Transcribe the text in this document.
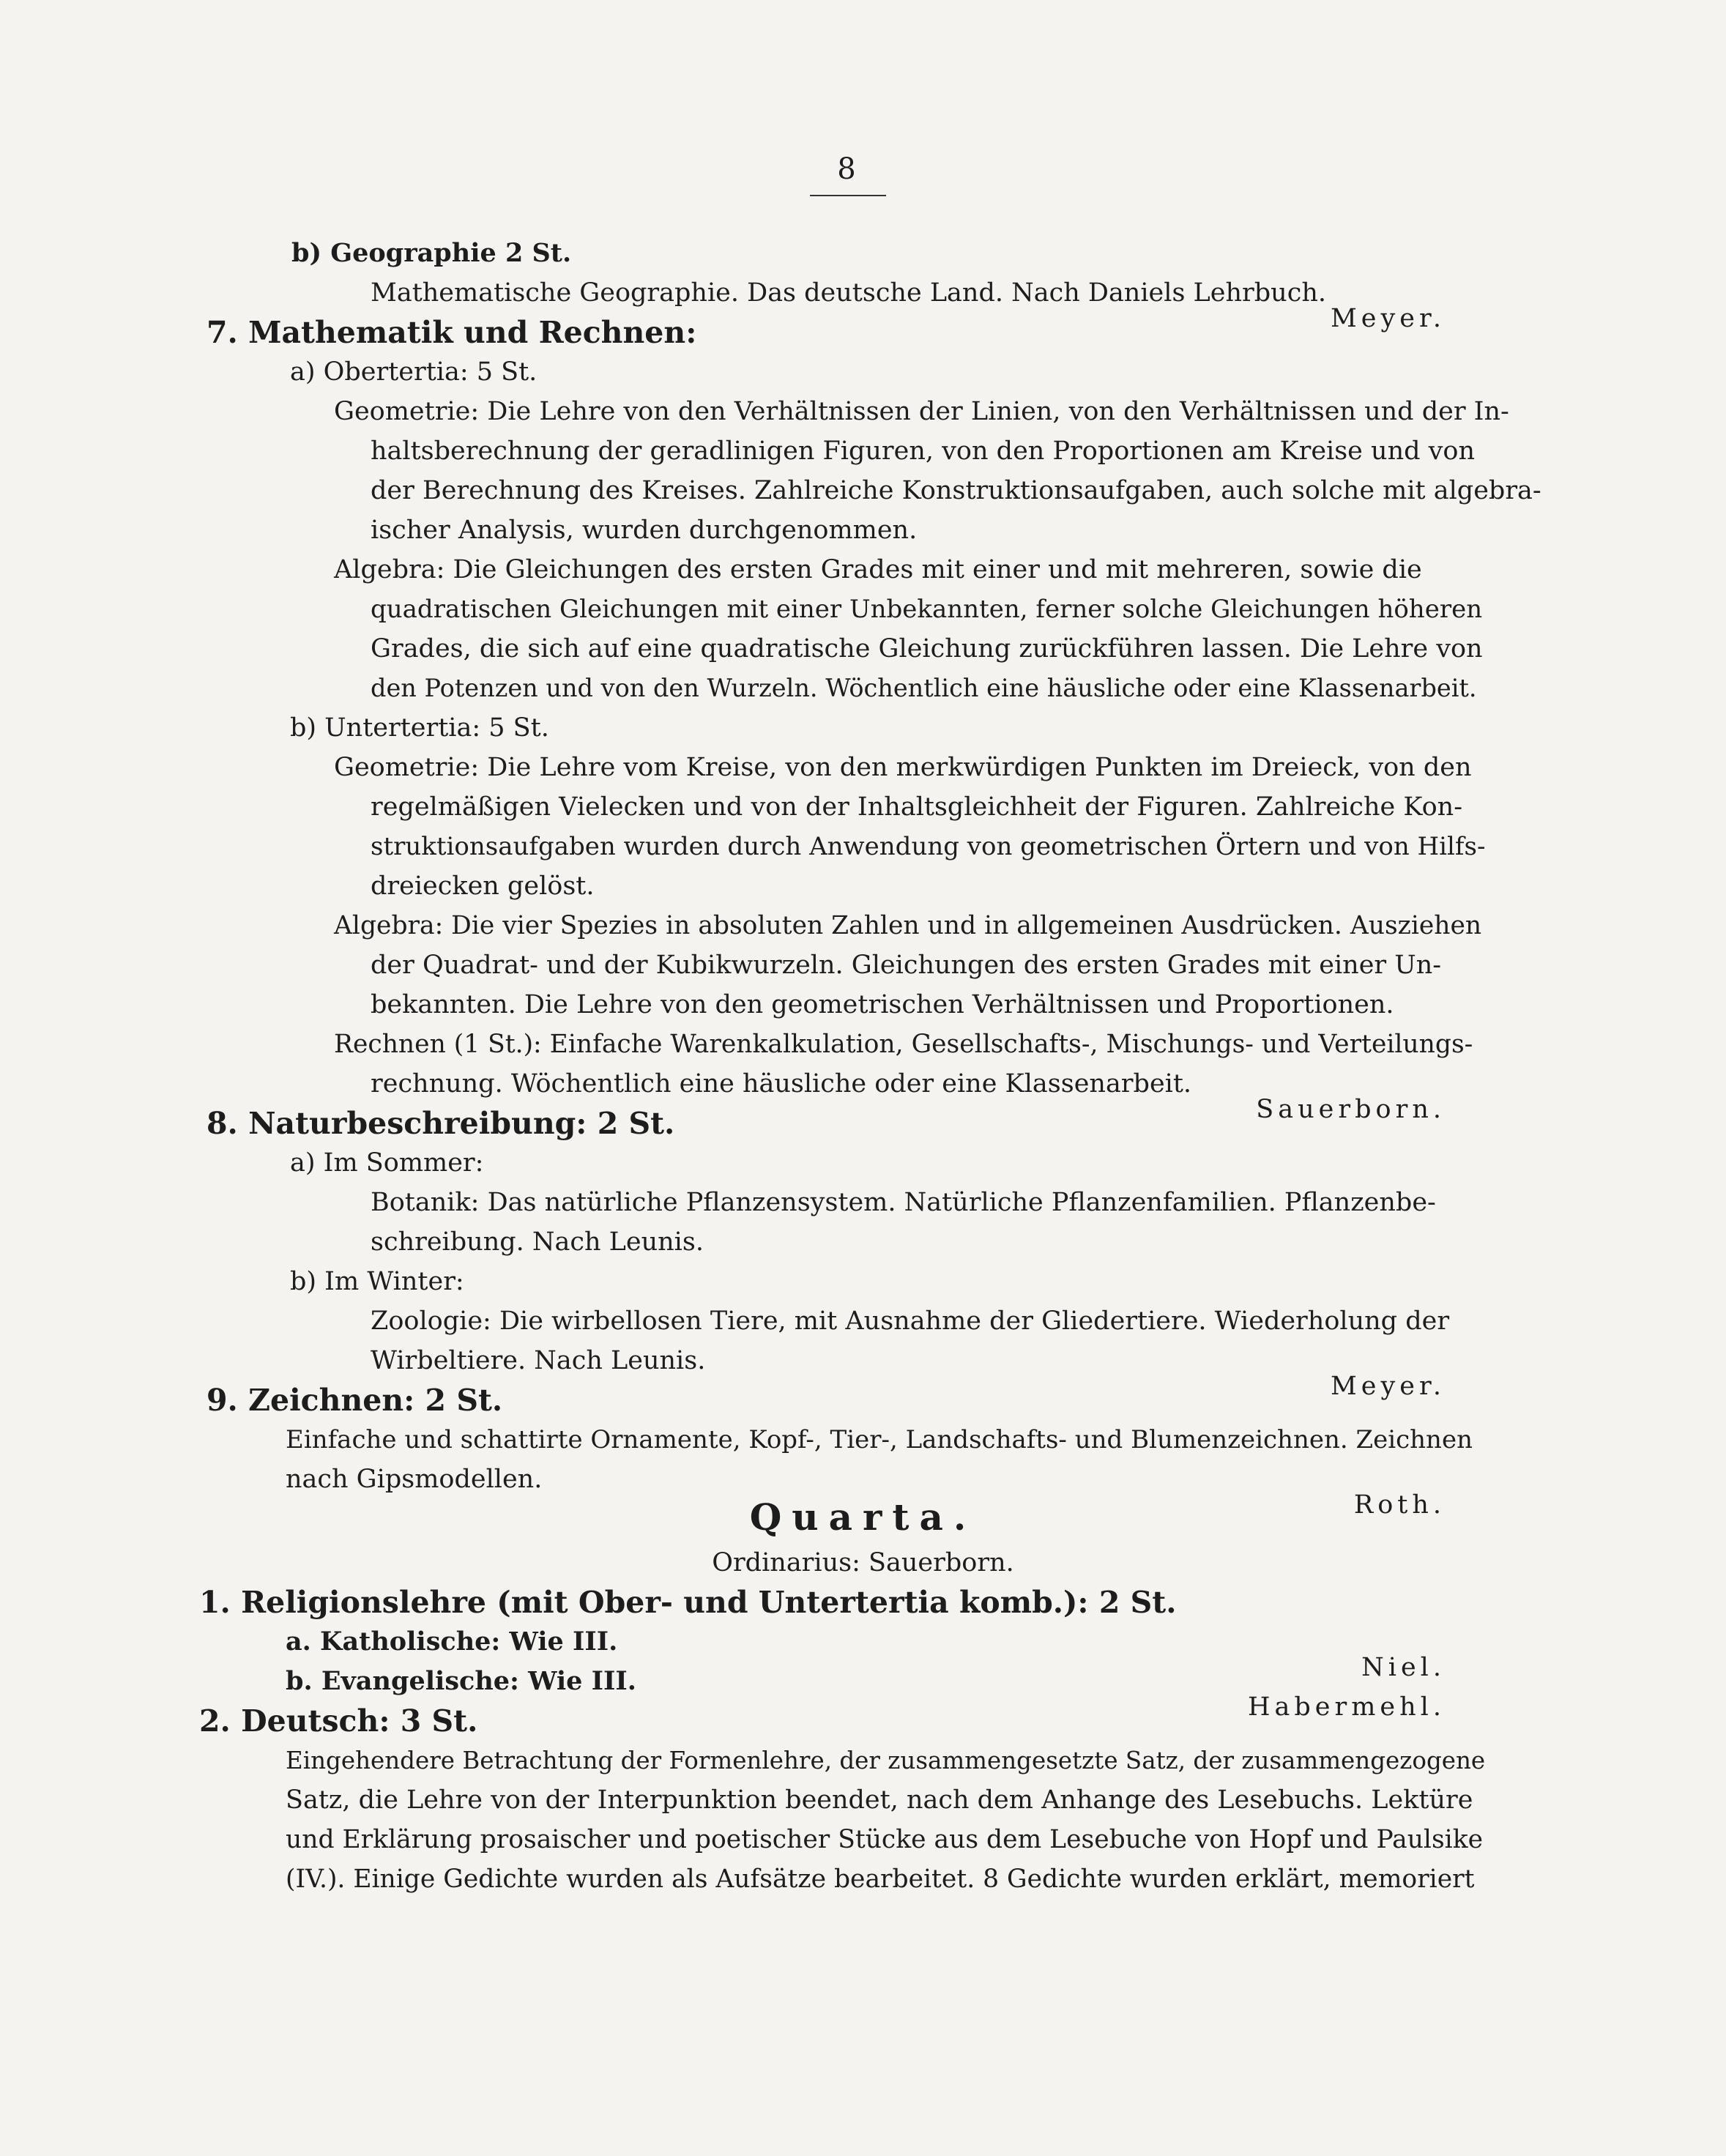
8

b) Geographie 2 St.

Mathematische Geographie. Das deutsche Land. Nach Daniels Lehrbuch.

Meyer.

7. Mathematik und Rechnen:

a) Obertertia: 5 St.

Geometrie: Die Lehre von den Verhältnissen der Linien, von den Verhältnissen und der In-

haltsberechnung der geradlinigen Figuren, von den Proportionen am Kreise und von

der Berechnung des Kreises. Zahlreiche Konstruktionsaufgaben, auch solche mit algebra-

ischer Analysis, wurden durchgenommen.

Algebra: Die Gleichungen des ersten Grades mit einer und mit mehreren, sowie die

quadratischen Gleichungen mit einer Unbekannten, ferner solche Gleichungen höheren

Grades, die sich auf eine quadratische Gleichung zurückführen lassen. Die Lehre von

den Potenzen und von den Wurzeln. Wöchentlich eine häusliche oder eine Klassenarbeit.

b) Untertertia: 5 St.

Geometrie: Die Lehre vom Kreise, von den merkwürdigen Punkten im Dreieck, von den

regelmäßigen Vielecken und von der Inhaltsgleichheit der Figuren. Zahlreiche Kon-

struktionsaufgaben wurden durch Anwendung von geometrischen Örtern und von Hilfs-

dreiecken gelöst.

Algebra: Die vier Spezies in absoluten Zahlen und in allgemeinen Ausdrücken. Ausziehen

der Quadrat- und der Kubikwurzeln. Gleichungen des ersten Grades mit einer Un-

bekannten. Die Lehre von den geometrischen Verhältnissen und Proportionen.

Rechnen (1 St.): Einfache Warenkalkulation, Gesellschafts-, Mischungs- und Verteilungs-

rechnung. Wöchentlich eine häusliche oder eine Klassenarbeit.

Sauerborn.

8. Naturbeschreibung: 2 St.

a) Im Sommer:

Botanik: Das natürliche Pflanzensystem. Natürliche Pflanzenfamilien. Pflanzenbe-

schreibung. Nach Leunis.

b) Im Winter:

Zoologie: Die wirbellosen Tiere, mit Ausnahme der Gliedertiere. Wiederholung der

Wirbeltiere. Nach Leunis.

Meyer.

9. Zeichnen: 2 St.

Einfache und schattirte Ornamente, Kopf-, Tier-, Landschafts- und Blumenzeichnen. Zeichnen

nach Gipsmodellen.

Roth.

Quarta.
Ordinarius: Sauerborn.

1. Religionslehre (mit Ober- und Untertertia komb.): 2 St.

a. Katholische: Wie III.

Niel.

b. Evangelische: Wie III.

Habermehl.

2. Deutsch: 3 St.

Eingehendere Betrachtung der Formenlehre, der zusammengesetzte Satz, der zusammengezogene

Satz, die Lehre von der Interpunktion beendet, nach dem Anhange des Lesebuchs. Lektüre

und Erklärung prosaischer und poetischer Stücke aus dem Lesebuche von Hopf und Paulsike

(IV.). Einige Gedichte wurden als Aufsätze bearbeitet. 8 Gedichte wurden erklärt, memoriert
